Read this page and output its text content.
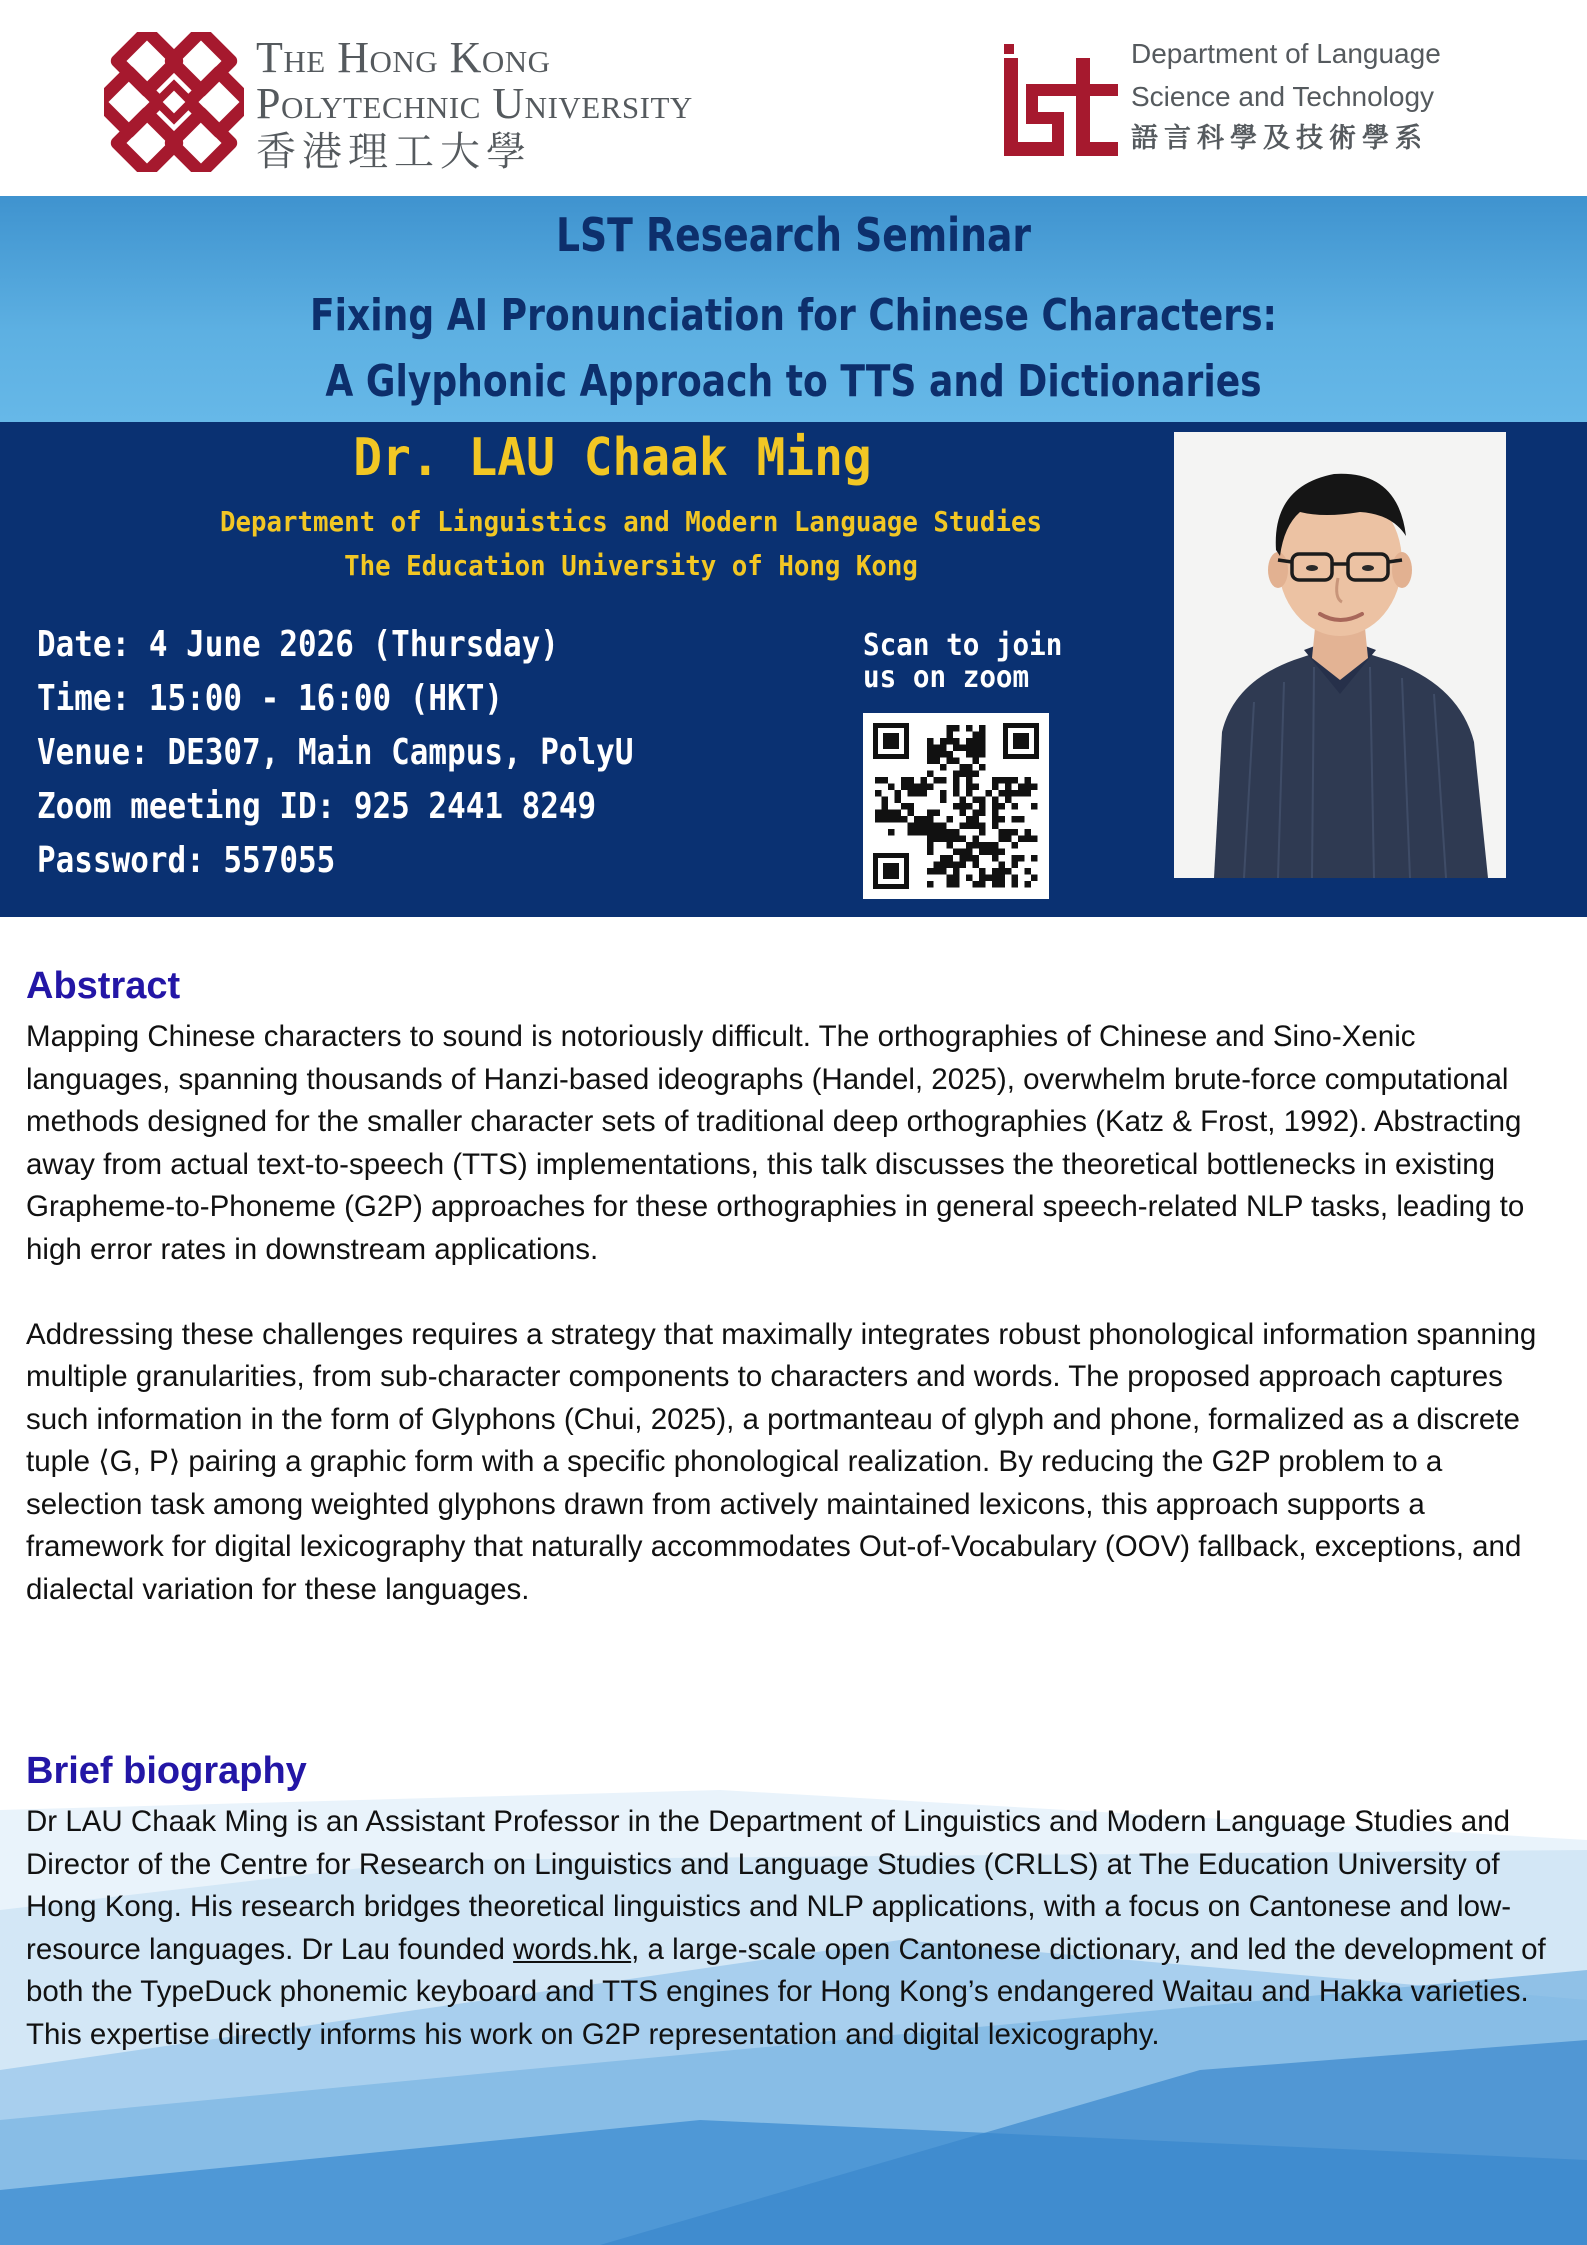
The Hong Kong
Polytechnic University
香港理工大學
Department of Language
Science and Technology
語言科學及技術學系
LST Research Seminar
Fixing AI Pronunciation for Chinese Characters:
A Glyphonic Approach to TTS and Dictionaries
Dr. LAU Chaak Ming
Department of Linguistics and Modern Language Studies
The Education University of Hong Kong
Date: 4 June 2026 (Thursday)
Time: 15:00 - 16:00 (HKT)
Venue: DE307, Main Campus, PolyU
Zoom meeting ID: 925 2441 8249
Password: 557055
Scan to join
us on zoom
Abstract

Mapping Chinese characters to sound is notoriously difficult. The orthographies of Chinese and Sino-Xenic languages, spanning thousands of Hanzi-based ideographs (Handel, 2025), overwhelm brute-force computational methods designed for the smaller character sets of traditional deep orthographies (Katz & Frost, 1992). Abstracting away from actual text-to-speech (TTS) implementations, this talk discusses the theoretical bottlenecks in existing Grapheme-to-Phoneme (G2P) approaches for these orthographies in general speech-related NLP tasks, leading to high error rates in downstream applications.

Addressing these challenges requires a strategy that maximally integrates robust phonological information spanning multiple granularities, from sub-character components to characters and words. The proposed approach captures such information in the form of Glyphons (Chui, 2025), a portmanteau of glyph and phone, formalized as a discrete tuple ⟨G, P⟩ pairing a graphic form with a specific phonological realization. By reducing the G2P problem to a selection task among weighted glyphons drawn from actively maintained lexicons, this approach supports a framework for digital lexicography that naturally accommodates Out-of-Vocabulary (OOV) fallback, exceptions, and dialectal variation for these languages.

Brief biography
Dr LAU Chaak Ming is an Assistant Professor in the Department of Linguistics and Modern Language Studies and Director of the Centre for Research on Linguistics and Language Studies (CRLLS) at The Education University of Hong Kong. His research bridges theoretical linguistics and NLP applications, with a focus on Cantonese and low-resource languages. Dr Lau founded words.hk, a large-scale open Cantonese dictionary, and led the development of both the TypeDuck phonemic keyboard and TTS engines for Hong Kong’s endangered Waitau and Hakka varieties. This expertise directly informs his work on G2P representation and digital lexicography.
